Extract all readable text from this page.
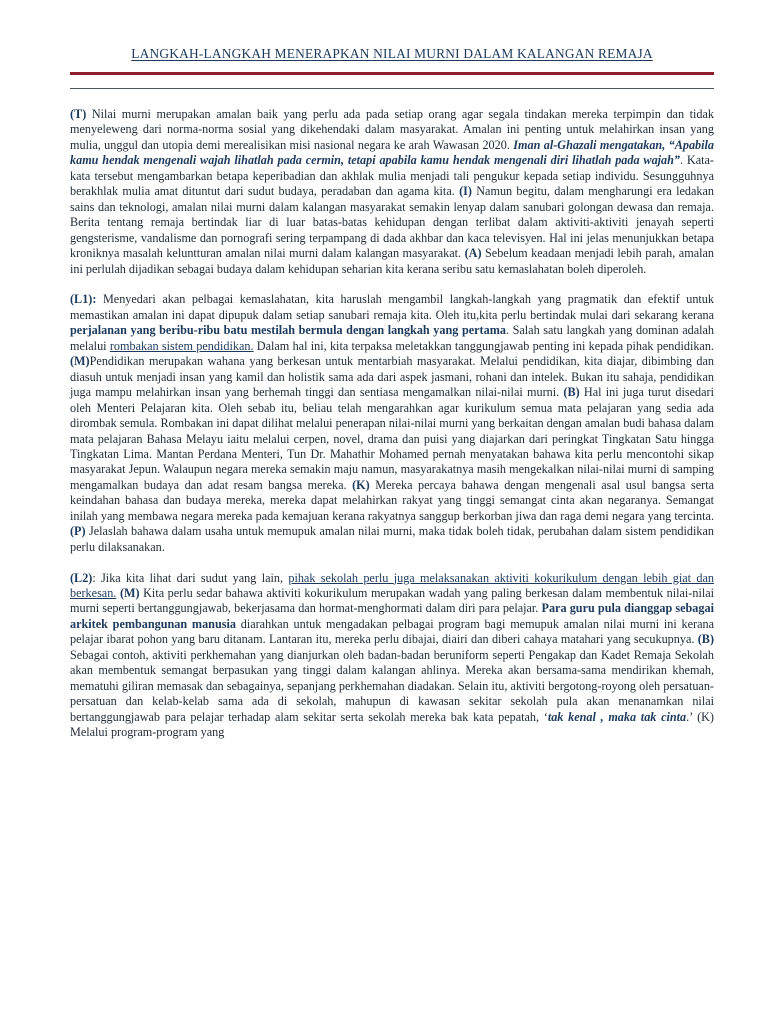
LANGKAH-LANGKAH MENERAPKAN NILAI MURNI DALAM KALANGAN REMAJA

(T) Nilai murni merupakan amalan baik yang perlu ada pada setiap orang agar segala tindakan mereka terpimpin dan tidak menyeleweng dari norma-norma sosial yang dikehendaki dalam masyarakat. Amalan ini penting untuk melahirkan insan yang mulia, unggul dan utopia demi merealisikan misi nasional negara ke arah Wawasan 2020. Iman al-Ghazali mengatakan, “Apabila kamu hendak mengenali wajah lihatlah pada cermin, tetapi apabila kamu hendak mengenali diri lihatlah pada wajah”. Kata-kata tersebut mengambarkan betapa keperibadian dan akhlak mulia menjadi tali pengukur kepada setiap individu. Sesungguhnya berakhlak mulia amat dituntut dari sudut budaya, peradaban dan agama kita. (I) Namun begitu, dalam mengharungi era ledakan sains dan teknologi, amalan nilai murni dalam kalangan masyarakat semakin lenyap dalam sanubari golongan dewasa dan remaja. Berita tentang remaja bertindak liar di luar batas-batas kehidupan dengan terlibat dalam aktiviti-aktiviti jenayah seperti gengsterisme, vandalisme dan pornografi sering terpampang di dada akhbar dan kaca televisyen. Hal ini jelas menunjukkan betapa kroniknya masalah keluntturan amalan nilai murni dalam kalangan masyarakat. (A) Sebelum keadaan menjadi lebih parah, amalan ini perlulah dijadikan sebagai budaya dalam kehidupan seharian kita kerana seribu satu kemaslahatan boleh diperoleh.

(L1): Menyedari akan pelbagai kemaslahatan, kita haruslah mengambil langkah-langkah yang pragmatik dan efektif untuk memastikan amalan ini dapat dipupuk dalam setiap sanubari remaja kita. Oleh itu,kita perlu bertindak mulai dari sekarang kerana perjalanan yang beribu-ribu batu mestilah bermula dengan langkah yang pertama. Salah satu langkah yang dominan adalah melalui rombakan sistem pendidikan. Dalam hal ini, kita terpaksa meletakkan tanggungjawab penting ini kepada pihak pendidikan. (M)Pendidikan merupakan wahana yang berkesan untuk mentarbiah masyarakat. Melalui pendidikan, kita diajar, dibimbing dan diasuh untuk menjadi insan yang kamil dan holistik sama ada dari aspek jasmani, rohani dan intelek. Bukan itu sahaja, pendidikan juga mampu melahirkan insan yang berhemah tinggi dan sentiasa mengamalkan nilai-nilai murni. (B) Hal ini juga turut disedari oleh Menteri Pelajaran kita. Oleh sebab itu, beliau telah mengarahkan agar kurikulum semua mata pelajaran yang sedia ada dirombak semula. Rombakan ini dapat dilihat melalui penerapan nilai-nilai murni yang berkaitan dengan amalan budi bahasa dalam mata pelajaran Bahasa Melayu iaitu melalui cerpen, novel, drama dan puisi yang diajarkan dari peringkat Tingkatan Satu hingga Tingkatan Lima. Mantan Perdana Menteri, Tun Dr. Mahathir Mohamed pernah menyatakan bahawa kita perlu mencontohi sikap masyarakat Jepun. Walaupun negara mereka semakin maju namun, masyarakatnya masih mengekalkan nilai-nilai murni di samping mengamalkan budaya dan adat resam bangsa mereka. (K) Mereka percaya bahawa dengan mengenali asal usul bangsa serta keindahan bahasa dan budaya mereka, mereka dapat melahirkan rakyat yang tinggi semangat cinta akan negaranya. Semangat inilah yang membawa negara mereka pada kemajuan kerana rakyatnya sanggup berkorban jiwa dan raga demi negara yang tercinta. (P) Jelaslah bahawa dalam usaha untuk memupuk amalan nilai murni, maka tidak boleh tidak, perubahan dalam sistem pendidikan perlu dilaksanakan.

(L2): Jika kita lihat dari sudut yang lain, pihak sekolah perlu juga melaksanakan aktiviti kokurikulum dengan lebih giat dan berkesan. (M) Kita perlu sedar bahawa aktiviti kokurikulum merupakan wadah yang paling berkesan dalam membentuk nilai-nilai murni seperti bertanggungjawab, bekerjasama dan hormat-menghormati dalam diri para pelajar. Para guru pula dianggap sebagai arkitek pembangunan manusia diarahkan untuk mengadakan pelbagai program bagi memupuk amalan nilai murni ini kerana pelajar ibarat pohon yang baru ditanam. Lantaran itu, mereka perlu dibajai, diairi dan diberi cahaya matahari yang secukupnya. (B) Sebagai contoh, aktiviti perkhemahan yang dianjurkan oleh badan-badan beruniform seperti Pengakap dan Kadet Remaja Sekolah akan membentuk semangat berpasukan yang tinggi dalam kalangan ahlinya. Mereka akan bersama-sama mendirikan khemah, mematuhi giliran memasak dan sebagainya, sepanjang perkhemahan diadakan. Selain itu, aktiviti bergotong-royong oleh persatuan-persatuan dan kelab-kelab sama ada di sekolah, mahupun di kawasan sekitar sekolah pula akan menanamkan nilai bertanggungjawab para pelajar terhadap alam sekitar serta sekolah mereka bak kata pepatah, ‘tak kenal , maka tak cinta.’ (K) Melalui program-program yang
